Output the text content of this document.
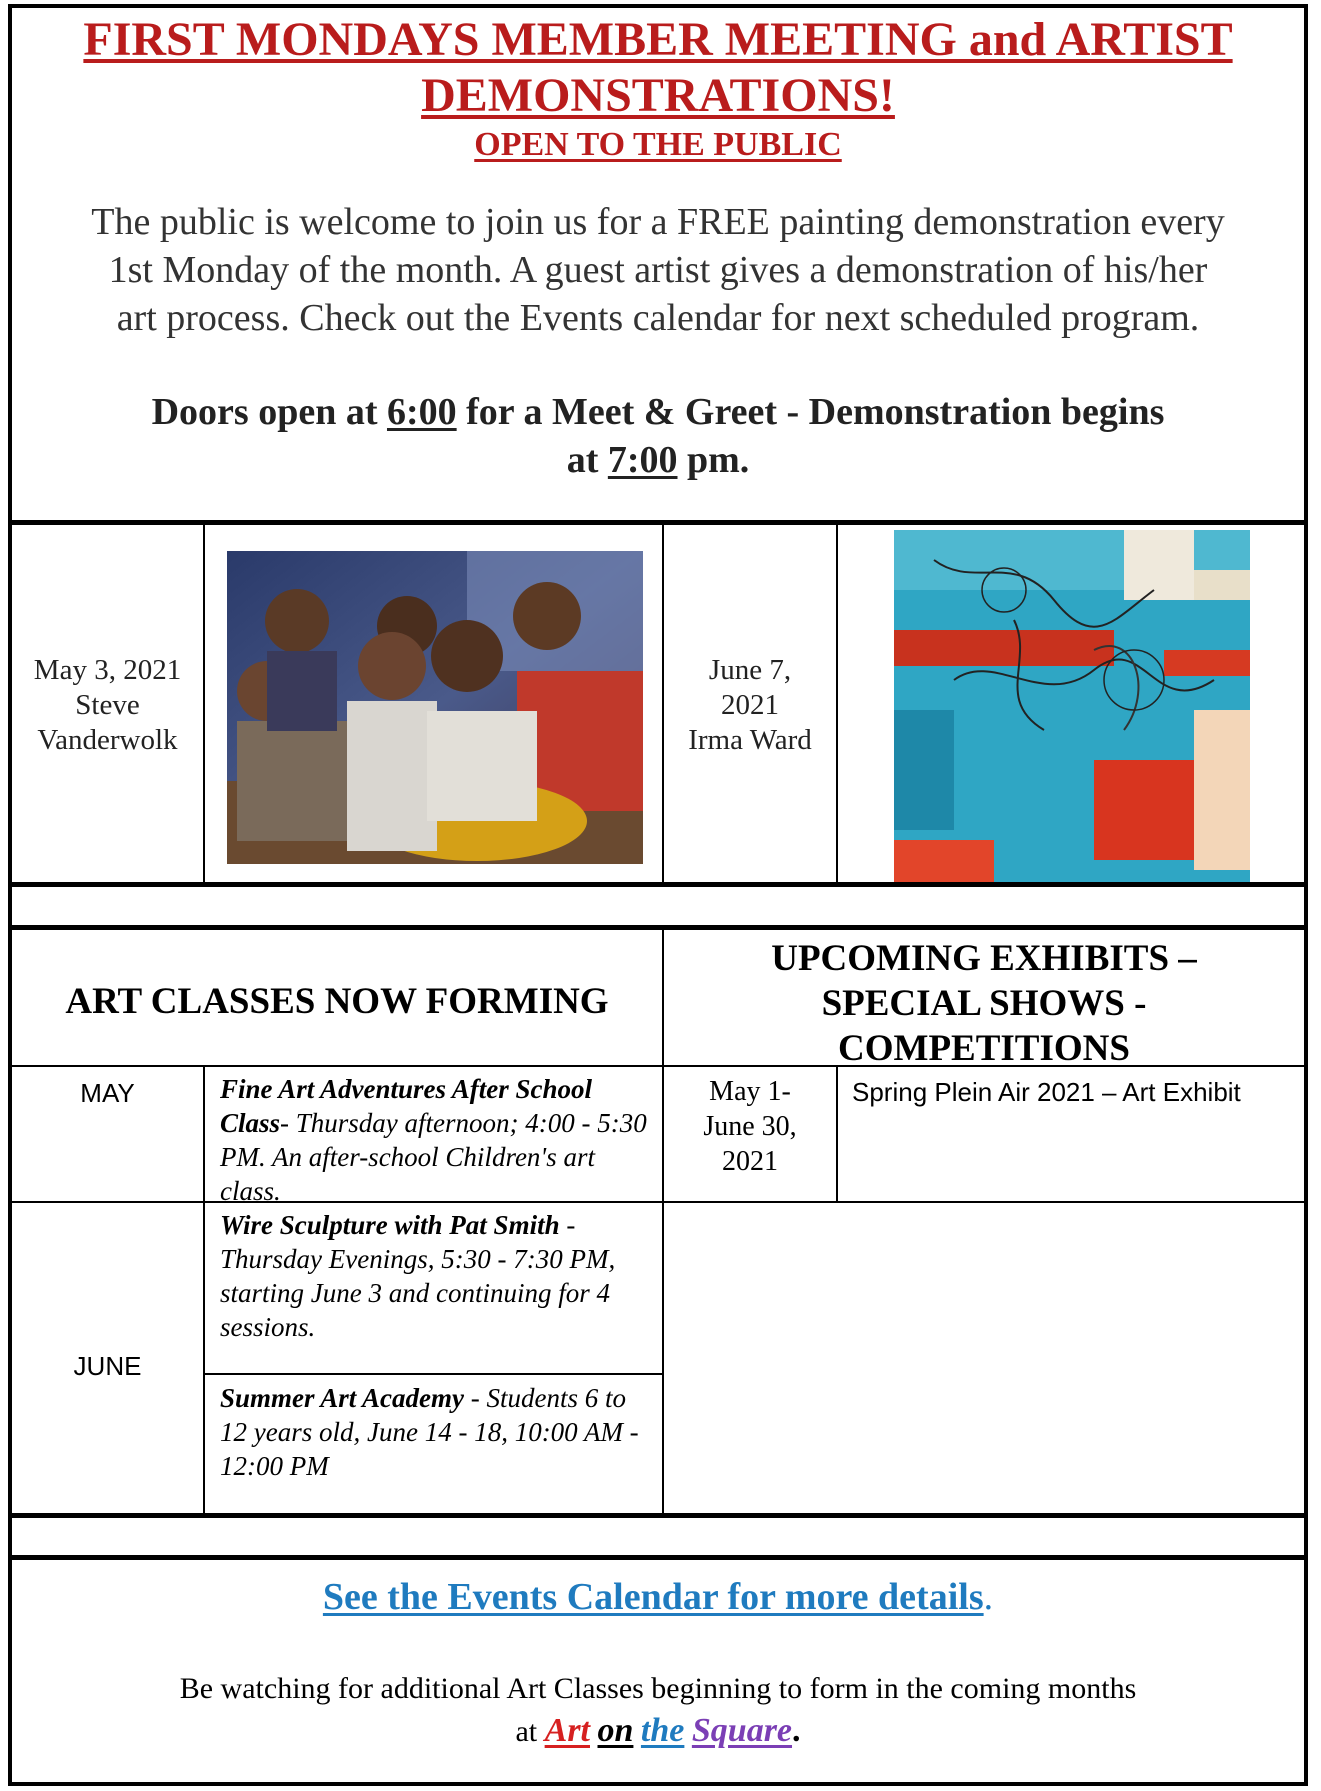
FIRST MONDAYS MEMBER MEETING and ARTIST
DEMONSTRATIONS!
OPEN TO THE PUBLIC
The public is welcome to join us for a FREE painting demonstration every
1st Monday of the month. A guest artist gives a demonstration of his/her
art process. Check out the Events calendar for next scheduled program.
Doors open at 6:00 for a Meet & Greet - Demonstration begins
at 7:00 pm.
May 3, 2021
Steve Vanderwolk
June 7, 2021
Irma Ward
ART CLASSES NOW FORMING
UPCOMING EXHIBITS –
SPECIAL SHOWS -
COMPETITIONS
MAY	Fine Art Adventures After School Class- Thursday afternoon; 4:00 - 5:30 PM. An after-school Children's art class.
May 1- June 30, 2021
Spring Plein Air 2021 – Art Exhibit
JUNE
Wire Sculpture with Pat Smith - Thursday Evenings, 5:30 - 7:30 PM, starting June 3 and continuing for 4 sessions.
Summer Art Academy - Students 6 to 12 years old, June 14 - 18, 10:00 AM - 12:00 PM
See the Events Calendar for more details.
Be watching for additional Art Classes beginning to form in the coming months
at Art on the Square.
